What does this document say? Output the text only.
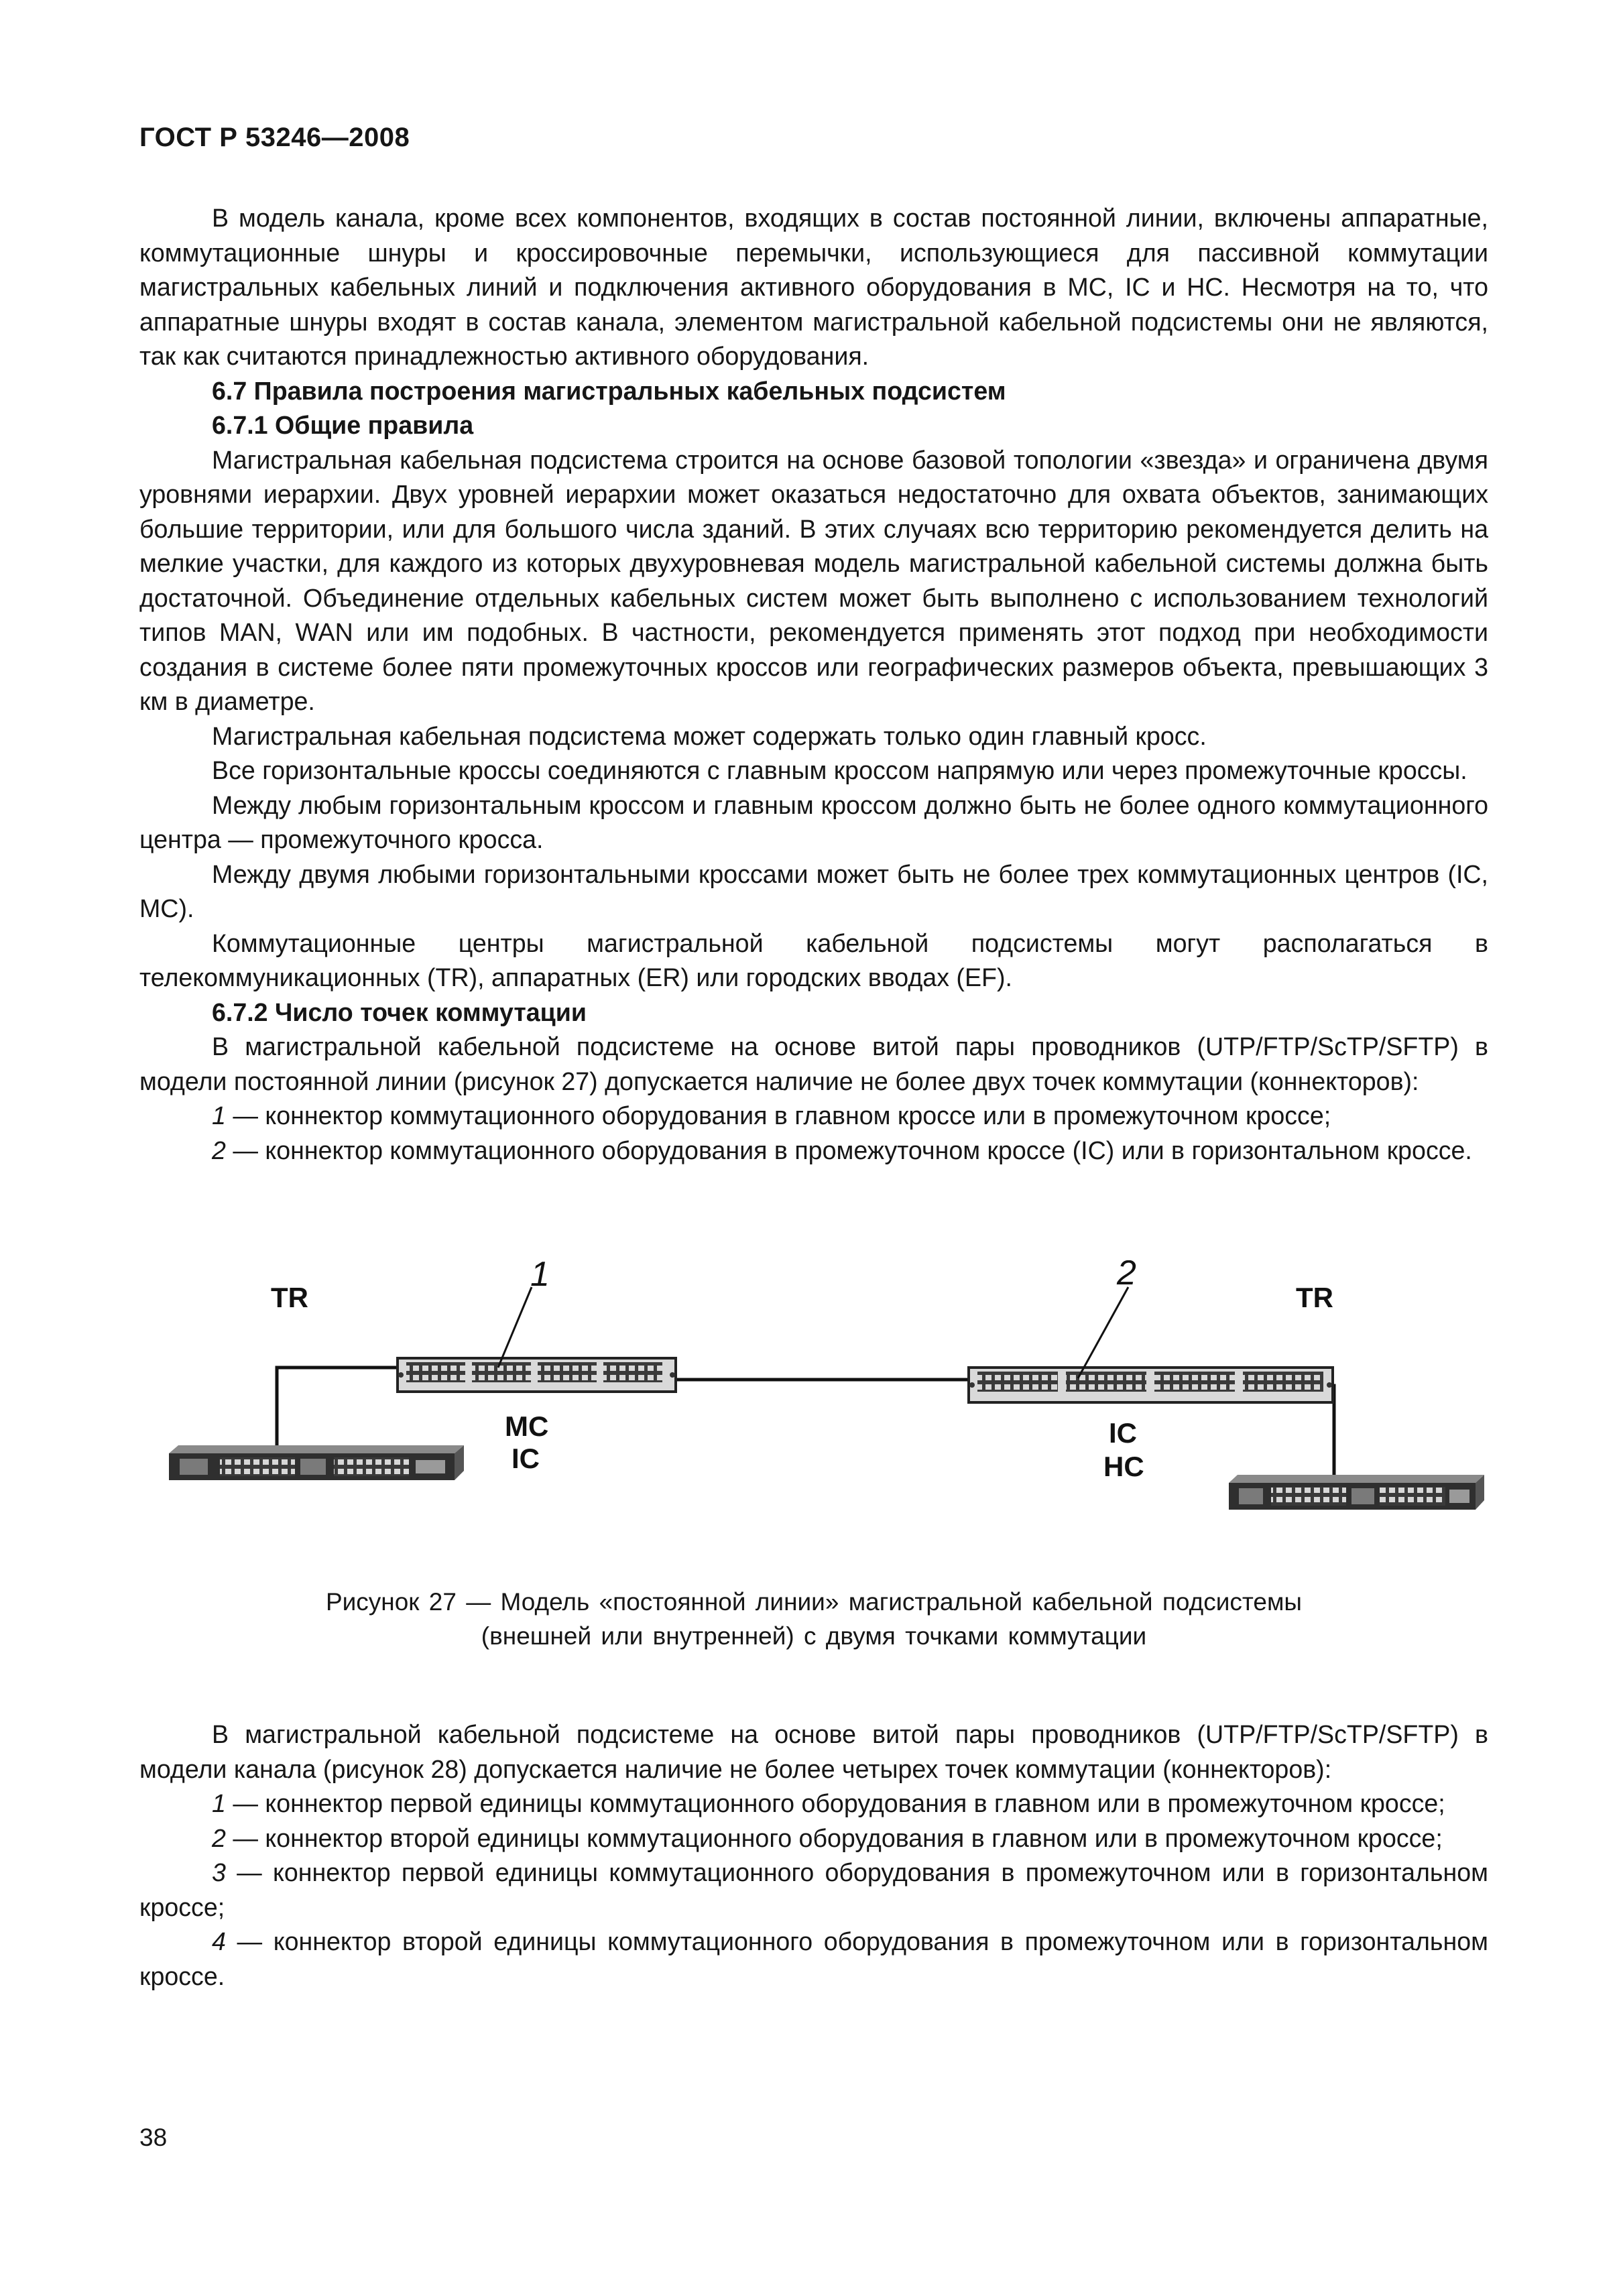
ГОСТ Р 53246—2008

В модель канала, кроме всех компонентов, входящих в состав постоянной линии, включены аппаратные, коммутационные шнуры и кроссировочные перемычки, использующиеся для пассивной коммутации магистральных кабельных линий и подключения активного оборудования в MC, IC и HC. Несмотря на то, что аппаратные шнуры входят в состав канала, элементом магистральной кабельной подсистемы они не являются, так как считаются принадлежностью активного оборудования.

6.7 Правила построения магистральных кабельных подсистем

6.7.1 Общие правила

Магистральная кабельная подсистема строится на основе базовой топологии «звезда» и ограничена двумя уровнями иерархии. Двух уровней иерархии может оказаться недостаточно для охвата объектов, занимающих большие территории, или для большого числа зданий. В этих случаях всю территорию рекомендуется делить на мелкие участки, для каждого из которых двухуровневая модель магистральной кабельной системы должна быть достаточной. Объединение отдельных кабельных систем может быть выполнено с использованием технологий типов MAN, WAN или им подобных. В частности, рекомендуется применять этот подход при необходимости создания в системе более пяти промежуточных кроссов или географических размеров объекта, превышающих 3 км в диаметре.

Магистральная кабельная подсистема может содержать только один главный кросс.

Все горизонтальные кроссы соединяются с главным кроссом напрямую или через промежуточные кроссы.

Между любым горизонтальным кроссом и главным кроссом должно быть не более одного коммутационного центра — промежуточного кросса.

Между двумя любыми горизонтальными кроссами может быть не более трех коммутационных центров (IC, MC).

Коммутационные центры магистральной кабельной подсистемы могут располагаться в телекоммуникационных (TR), аппаратных (ER) или городских вводах (EF).

6.7.2 Число точек коммутации

В магистральной кабельной подсистеме на основе витой пары проводников (UTP/FTP/ScTP/SFTP) в модели постоянной линии (рисунок 27) допускается наличие не более двух точек коммутации (коннекторов):

1 — коннектор коммутационного оборудования в главном кроссе или в промежуточном кроссе;

2 — коннектор коммутационного оборудования в промежуточном кроссе (IC) или в горизонтальном кроссе.

TR	TR
1	2
MC
IC
IC
HC
Рисунок 27 — Модель «постоянной линии» магистральной кабельной подсистемы
(внешней или внутренней) с двумя точками коммутации

В магистральной кабельной подсистеме на основе витой пары проводников (UTP/FTP/ScTP/SFTP) в модели канала (рисунок 28) допускается наличие не более четырех точек коммутации (коннекторов):

1 — коннектор первой единицы коммутационного оборудования в главном или в промежуточном кроссе;

2 — коннектор второй единицы коммутационного оборудования в главном или в промежуточном кроссе;

3 — коннектор первой единицы коммутационного оборудования в промежуточном или в горизонтальном кроссе;

4 — коннектор второй единицы коммутационного оборудования в промежуточном или в горизонтальном кроссе.

38
